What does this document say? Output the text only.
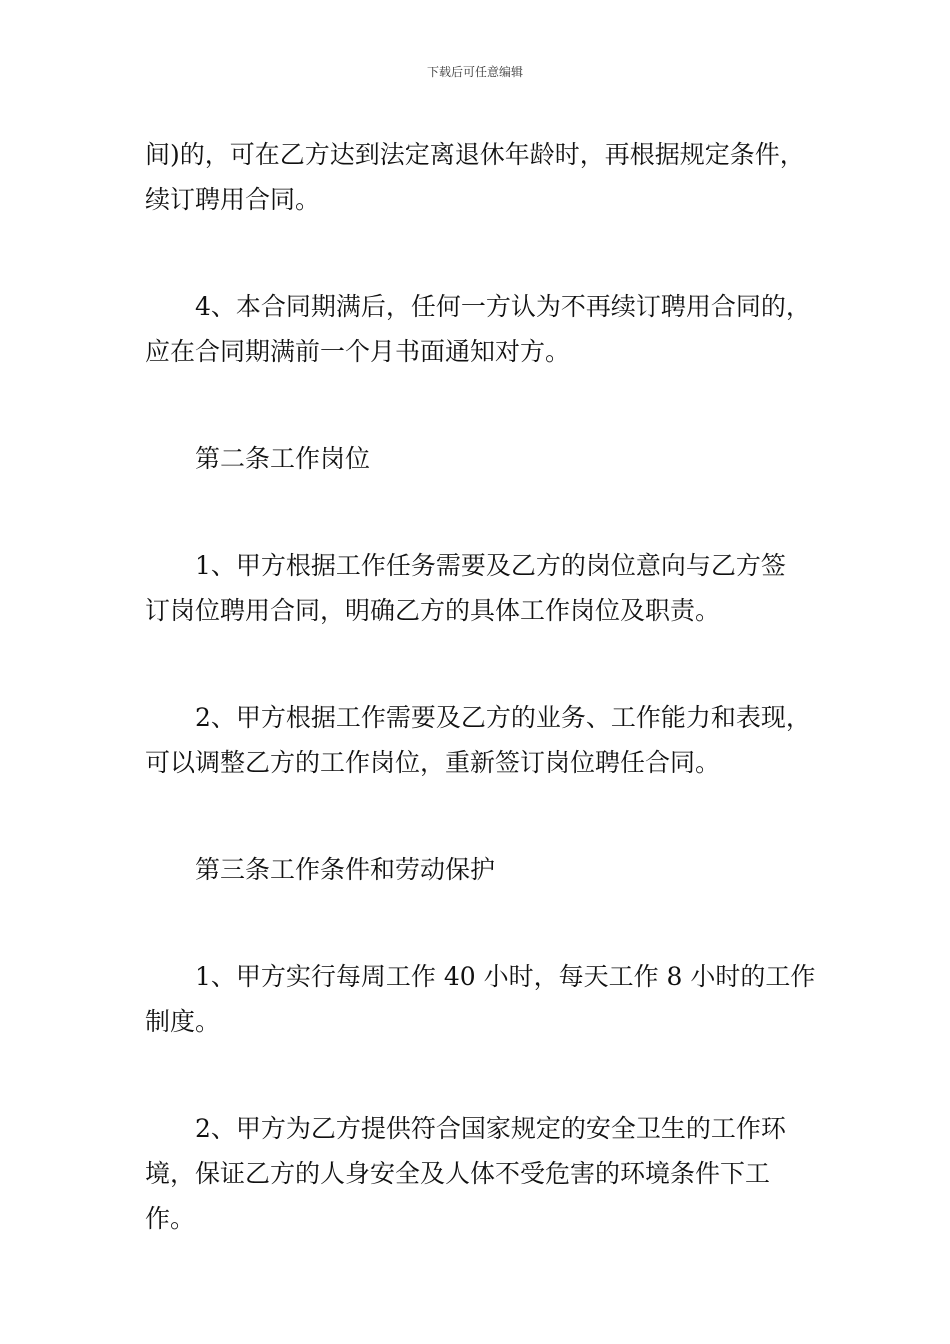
下载后可任意编辑
间)的，可在乙方达到法定离退休年龄时，再根据规定条件，
续订聘用合同。
4、本合同期满后，任何一方认为不再续订聘用合同的，
应在合同期满前一个月书面通知对方。
第二条工作岗位
1、甲方根据工作任务需要及乙方的岗位意向与乙方签
订岗位聘用合同，明确乙方的具体工作岗位及职责。
2、甲方根据工作需要及乙方的业务、工作能力和表现，
可以调整乙方的工作岗位，重新签订岗位聘任合同。
第三条工作条件和劳动保护
1、甲方实行每周工作 40 小时，每天工作 8 小时的工作
制度。
2、甲方为乙方提供符合国家规定的安全卫生的工作环
境，保证乙方的人身安全及人体不受危害的环境条件下工
作。
